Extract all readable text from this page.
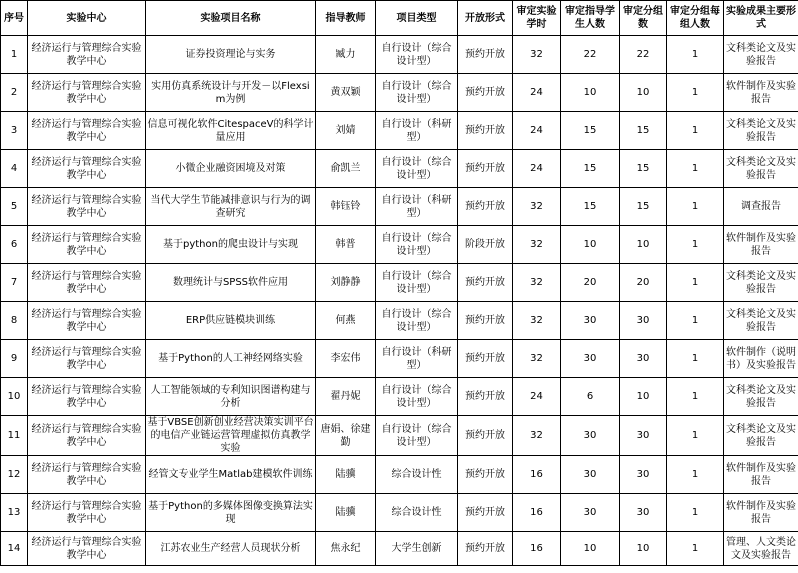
序号	实验中心	实验项目名称	指导教师	项目类型	开放形式	审定实验学时	审定指导学生人数	审定分组数	审定分组每组人数	实验成果主要形式
1	经济运行与管理综合实验教学中心	证券投资理论与实务	臧力	自行设计（综合设计型）	预约开放	32	22	22	1	文科类论文及实验报告
2	经济运行与管理综合实验教学中心	实用仿真系统设计与开发－以Flexsim为例	黄双颖	自行设计（综合设计型）	预约开放	24	10	10	1	软件制作及实验报告
3	经济运行与管理综合实验教学中心	信息可视化软件CitespaceV的科学计量应用	刘婧	自行设计（科研型）	预约开放	24	15	15	1	文科类论文及实验报告
4	经济运行与管理综合实验教学中心	小微企业融资困境及对策	俞凯兰	自行设计（综合设计型）	预约开放	24	15	15	1	文科类论文及实验报告
5	经济运行与管理综合实验教学中心	当代大学生节能减排意识与行为的调查研究	韩钰铃	自行设计（科研型）	预约开放	32	15	15	1	调查报告
6	经济运行与管理综合实验教学中心	基于python的爬虫设计与实现	韩普	自行设计（综合设计型）	阶段开放	32	10	10	1	软件制作及实验报告
7	经济运行与管理综合实验教学中心	数理统计与SPSS软件应用	刘静静	自行设计（综合设计型）	预约开放	32	20	20	1	文科类论文及实验报告
8	经济运行与管理综合实验教学中心	ERP供应链模块训练	何燕	自行设计（综合设计型）	预约开放	32	30	30	1	文科类论文及实验报告
9	经济运行与管理综合实验教学中心	基于Python的人工神经网络实验	李宏伟	自行设计（科研型）	预约开放	32	30	30	1	软件制作（说明书）及实验报告
10	经济运行与管理综合实验教学中心	人工智能领域的专利知识图谱构建与分析	翟丹妮	自行设计（综合设计型）	预约开放	24	6	10	1	文科类论文及实验报告
11	经济运行与管理综合实验教学中心	基于VBSE创新创业经营决策实训平台的电信产业链运营管理虚拟仿真教学实验	唐娟、徐建勤	自行设计（综合设计型）	预约开放	32	30	30	1	文科类论文及实验报告
12	经济运行与管理综合实验教学中心	经管文专业学生Matlab建模软件训练	陆骥	综合设计性	预约开放	16	30	30	1	软件制作及实验报告
13	经济运行与管理综合实验教学中心	基于Python的多媒体图像变换算法实现	陆骥	综合设计性	预约开放	16	30	30	1	软件制作及实验报告
14	经济运行与管理综合实验教学中心	江苏农业生产经营人员现状分析	焦永纪	大学生创新	预约开放	16	10	10	1	管理、人文类论文及实验报告
